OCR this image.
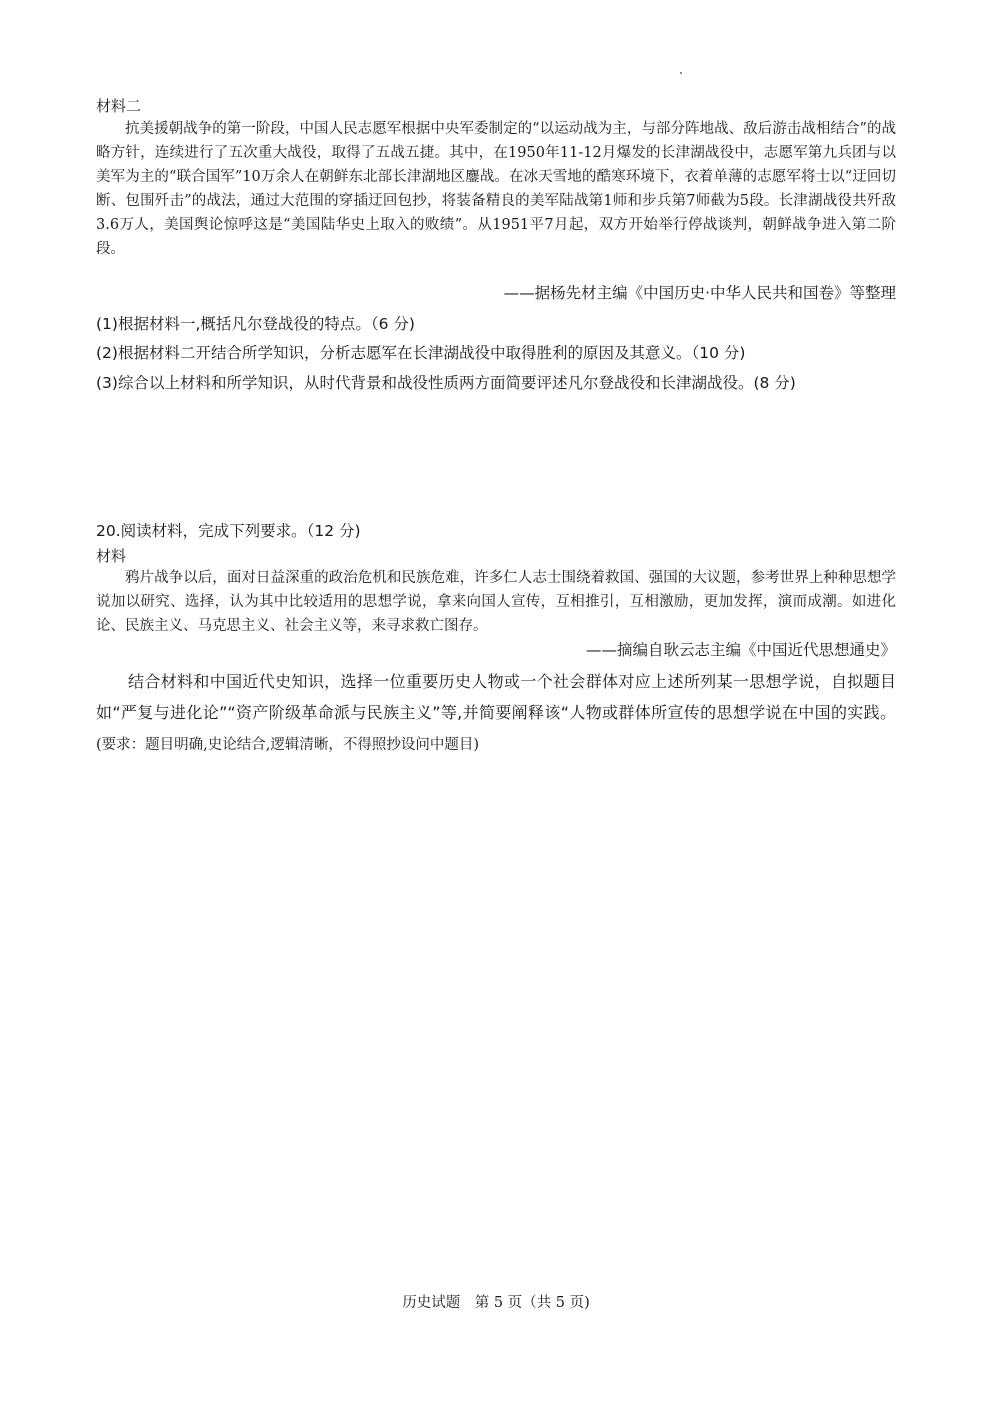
材料二
抗美援朝战争的第一阶段，中国人民志愿军根据中央军委制定的“以运动战为主，与部分阵地战、敌后游击战相结合”的战略方针，连续进行了五次重大战役，取得了五战五捷。其中，在1950年11-12月爆发的长津湖战役中，志愿军第九兵团与以美军为主的“联合国军”10万余人在朝鲜东北部长津湖地区鏖战。在冰天雪地的酷寒环境下，衣着单薄的志愿军将士以“迂回切断、包围歼击”的战法，通过大范围的穿插迂回包抄，将装备精良的美军陆战第1师和步兵第7师截为5段。长津湖战役共歼敌3.6万人，美国舆论惊呼这是“美国陆华史上取入的败绩”。从1951平7月起，双方开始举行停战谈判，朝鲜战争进入第二阶段。
——据杨先材主编《中国历史·中华人民共和国卷》等整理
(1)根据材料一,概括凡尔登战役的特点。（6 分)
(2)根据材料二开结合所学知识，分析志愿军在长津湖战役中取得胜利的原因及其意义。（10 分)
(3)综合以上材料和所学知识，从时代背景和战役性质两方面简要评述凡尔登战役和长津湖战役。(8 分)
20.阅读材料，完成下列要求。（12 分)
材料
鸦片战争以后，面对日益深重的政治危机和民族危难，许多仁人志士围绕着救国、强国的大议题，参考世界上种种思想学说加以研究、选择，认为其中比较适用的思想学说，拿来向国人宣传，互相推引，互相激励，更加发挥，演而成潮。如进化论、民族主义、马克思主义、社会主义等，来寻求救亡图存。
——摘编自耿云志主编《中国近代思想通史》
结合材料和中国近代史知识，选择一位重要历史人物或一个社会群体对应上述所列某一思想学说，自拟题目如“严复与进化论”“资产阶级革命派与民族主义”等,并简要阐释该“人物或群体所宣传的思想学说在中国的实践。(要求：题目明确,史论结合,逻辑清晰，不得照抄设问中题目)
历史试题　第 5 页（共 5 页)
